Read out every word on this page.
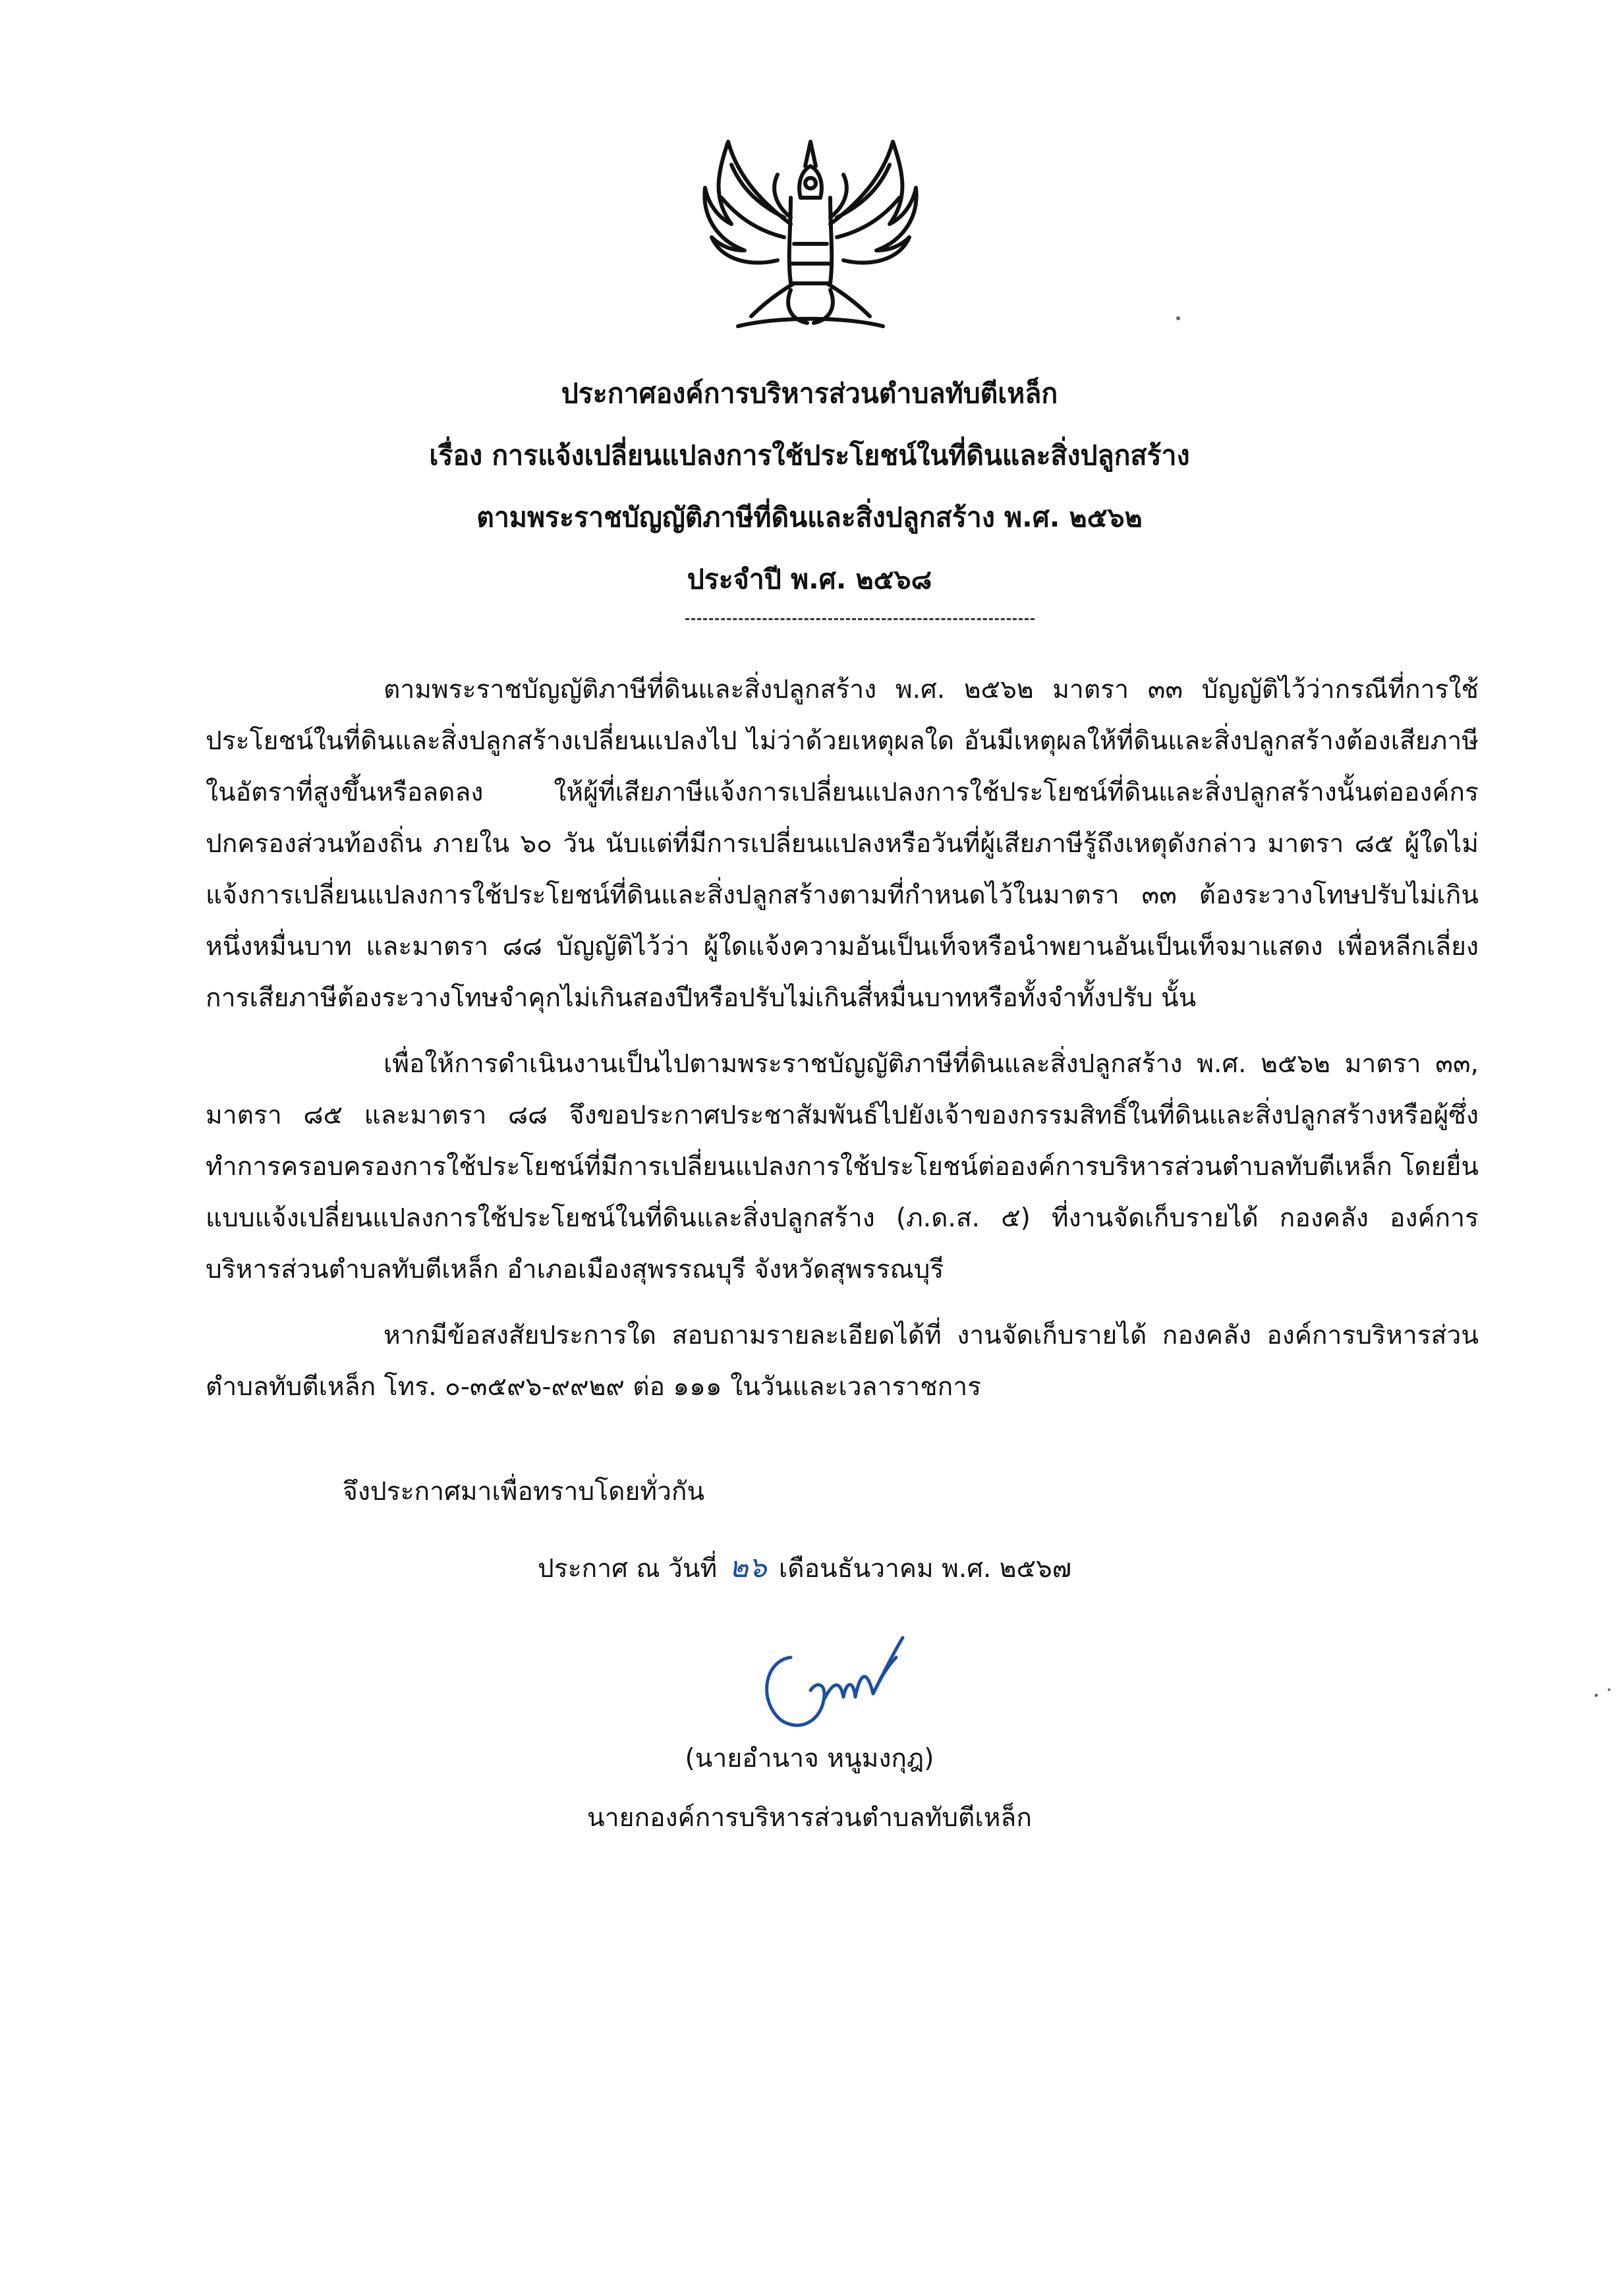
ประกาศองค์การบริหารส่วนตำบลทับตีเหล็ก
เรื่อง การแจ้งเปลี่ยนแปลงการใช้ประโยชน์ในที่ดินและสิ่งปลูกสร้าง
ตามพระราชบัญญัติภาษีที่ดินและสิ่งปลูกสร้าง พ.ศ. ๒๕๖๒
ประจำปี พ.ศ. ๒๕๖๘

ตามพระราชบัญญัติภาษีที่ดินและสิ่งปลูกสร้าง พ.ศ. ๒๕๖๒ มาตรา ๓๓ บัญญัติไว้ว่ากรณีที่การใช้ประโยชน์ในที่ดินและสิ่งปลูกสร้างเปลี่ยนแปลงไป ไม่ว่าด้วยเหตุผลใด อันมีเหตุผลให้ที่ดินและสิ่งปลูกสร้างต้องเสียภาษีในอัตราที่สูงขึ้นหรือลดลง ให้ผู้ที่เสียภาษีแจ้งการเปลี่ยนแปลงการใช้ประโยชน์ที่ดินและสิ่งปลูกสร้างนั้นต่อองค์กรปกครองส่วนท้องถิ่น ภายใน ๖๐ วัน นับแต่ที่มีการเปลี่ยนแปลงหรือวันที่ผู้เสียภาษีรู้ถึงเหตุดังกล่าว มาตรา ๘๕ ผู้ใดไม่แจ้งการเปลี่ยนแปลงการใช้ประโยชน์ที่ดินและสิ่งปลูกสร้างตามที่กำหนดไว้ในมาตรา ๓๓ ต้องระวางโทษปรับไม่เกินหนึ่งหมื่นบาท และมาตรา ๘๘ บัญญัติไว้ว่า ผู้ใดแจ้งความอันเป็นเท็จหรือนำพยานอันเป็นเท็จมาแสดง เพื่อหลีกเลี่ยงการเสียภาษีต้องระวางโทษจำคุกไม่เกินสองปีหรือปรับไม่เกินสี่หมื่นบาทหรือทั้งจำทั้งปรับ นั้น

เพื่อให้การดำเนินงานเป็นไปตามพระราชบัญญัติภาษีที่ดินและสิ่งปลูกสร้าง พ.ศ. ๒๕๖๒ มาตรา ๓๓, มาตรา ๘๕ และมาตรา ๘๘ จึงขอประกาศประชาสัมพันธ์ไปยังเจ้าของกรรมสิทธิ์ในที่ดินและสิ่งปลูกสร้างหรือผู้ซึ่งทำการครอบครองการใช้ประโยชน์ที่มีการเปลี่ยนแปลงการใช้ประโยชน์ต่อองค์การบริหารส่วนตำบลทับตีเหล็ก โดยยื่นแบบแจ้งเปลี่ยนแปลงการใช้ประโยชน์ในที่ดินและสิ่งปลูกสร้าง (ภ.ด.ส. ๕) ที่งานจัดเก็บรายได้ กองคลัง องค์การบริหารส่วนตำบลทับตีเหล็ก อำเภอเมืองสุพรรณบุรี จังหวัดสุพรรณบุรี

หากมีข้อสงสัยประการใด สอบถามรายละเอียดได้ที่ งานจัดเก็บรายได้ กองคลัง องค์การบริหารส่วนตำบลทับตีเหล็ก โทร. ๐-๓๕๙๖-๙๙๒๙ ต่อ ๑๑๑ ในวันและเวลาราชการ

จึงประกาศมาเพื่อทราบโดยทั่วกัน
ประกาศ ณ วันที่ ๒๖ เดือนธันวาคม พ.ศ. ๒๕๖๗
(นายอำนาจ หนูมงกุฎ)
นายกองค์การบริหารส่วนตำบลทับตีเหล็ก
